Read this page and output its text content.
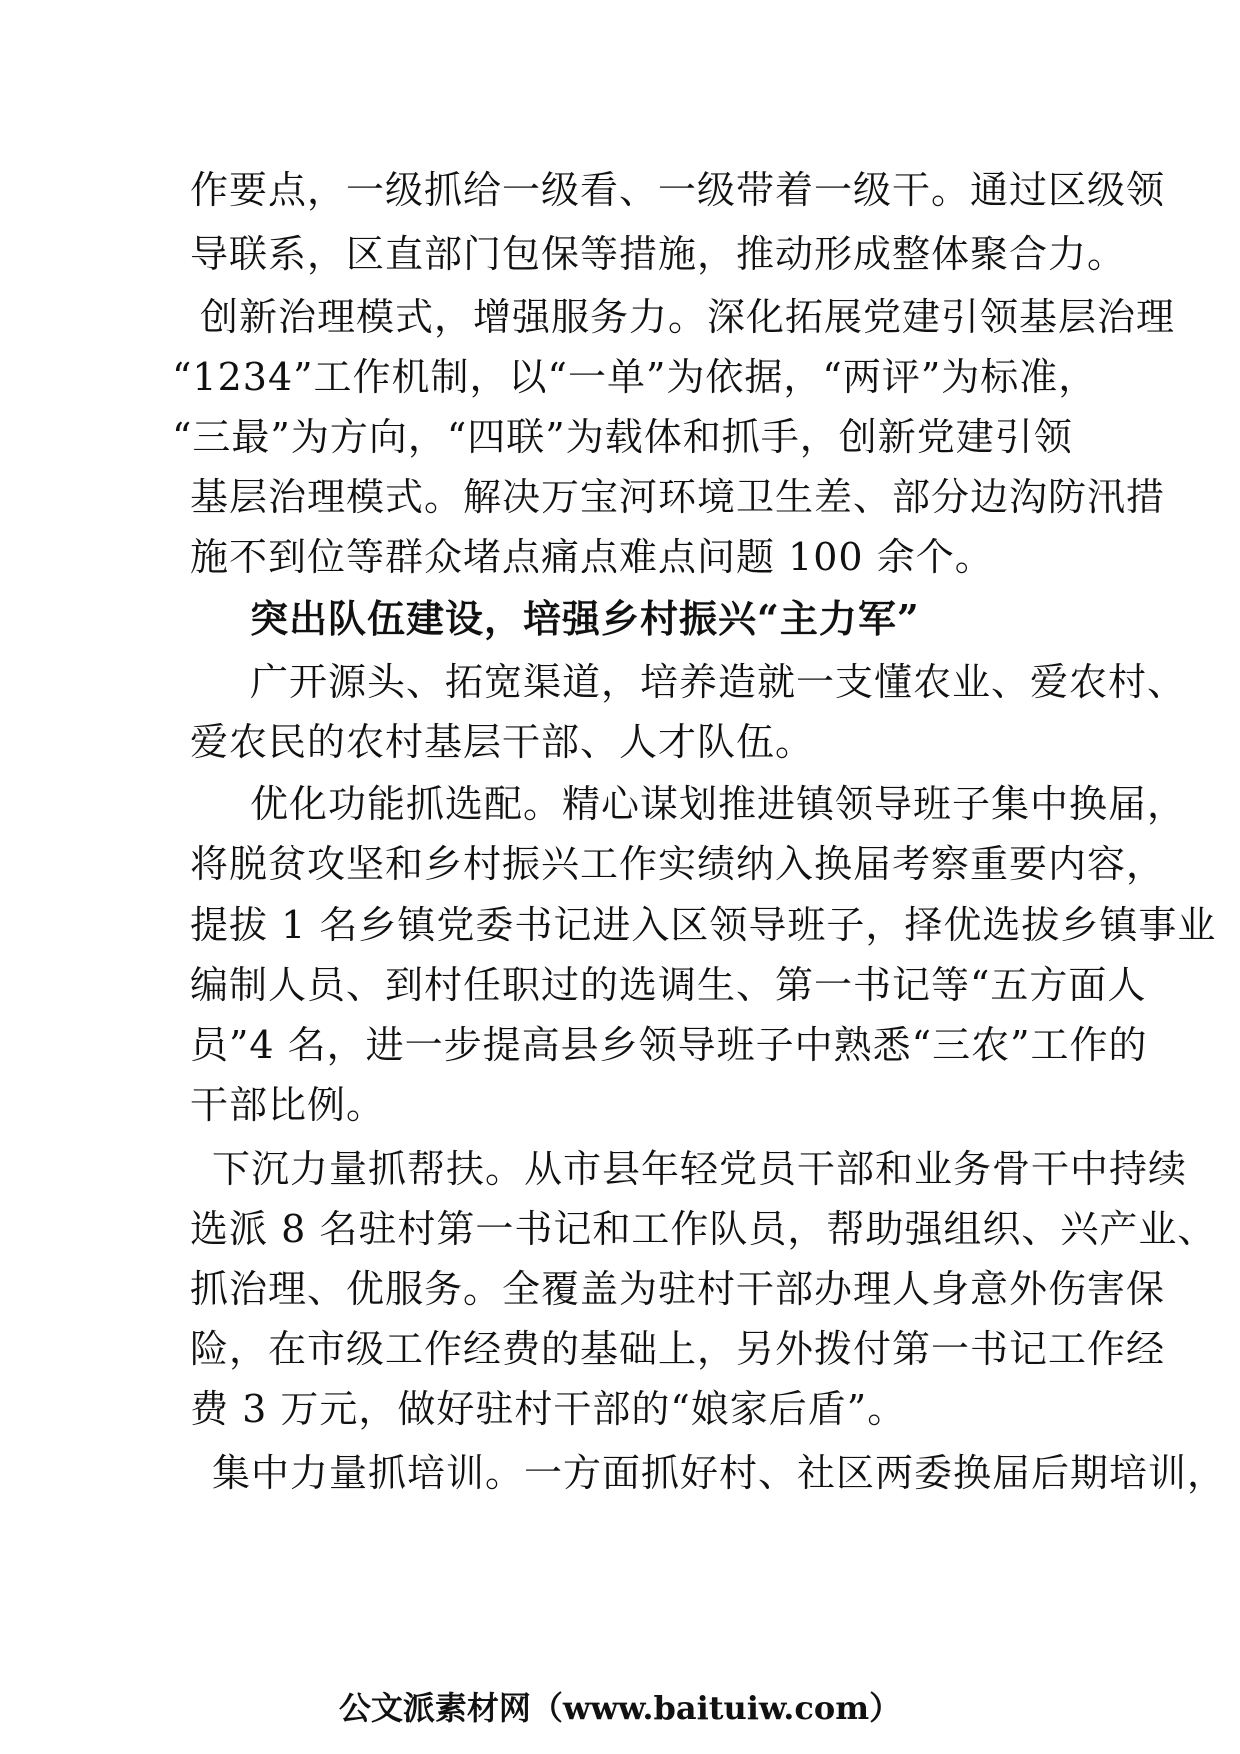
作要点，一级抓给一级看、一级带着一级干。通过区级领
导联系，区直部门包保等措施，推动形成整体聚合力。
创新治理模式，增强服务力。深化拓展党建引领基层治理
“1234”工作机制，以“一单”为依据，“两评”为标准，
“三最”为方向，“四联”为载体和抓手，创新党建引领
基层治理模式。解决万宝河环境卫生差、部分边沟防汛措
施不到位等群众堵点痛点难点问题 100 余个。
突出队伍建设，培强乡村振兴“主力军”
广开源头、拓宽渠道，培养造就一支懂农业、爱农村、
爱农民的农村基层干部、人才队伍。
优化功能抓选配。精心谋划推进镇领导班子集中换届，
将脱贫攻坚和乡村振兴工作实绩纳入换届考察重要内容，
提拔 1 名乡镇党委书记进入区领导班子，择优选拔乡镇事业
编制人员、到村任职过的选调生、第一书记等“五方面人
员”4 名，进一步提高县乡领导班子中熟悉“三农”工作的
干部比例。
下沉力量抓帮扶。从市县年轻党员干部和业务骨干中持续
选派 8 名驻村第一书记和工作队员，帮助强组织、兴产业、
抓治理、优服务。全覆盖为驻村干部办理人身意外伤害保
险，在市级工作经费的基础上，另外拨付第一书记工作经
费 3 万元，做好驻村干部的“娘家后盾”。
集中力量抓培训。一方面抓好村、社区两委换届后期培训，
公文派素材网（www.baituiw.com）
